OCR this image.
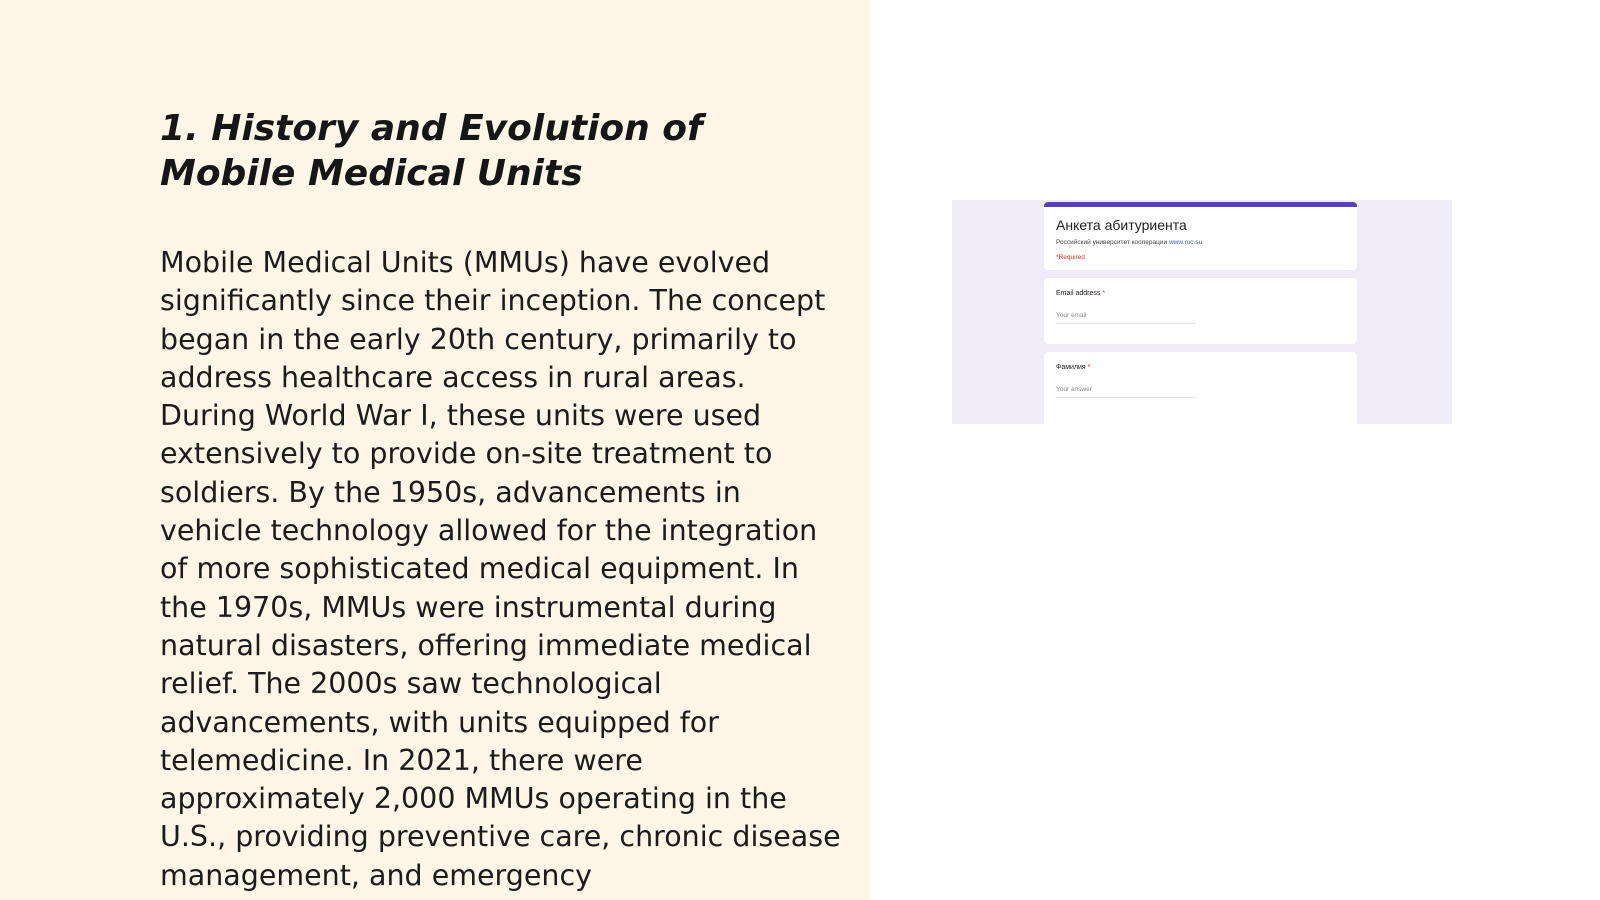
1. History and Evolution of Mobile Medical Units

Mobile Medical Units (MMUs) have evolved significantly since their inception. The concept began in the early 20th century, primarily to address healthcare access in rural areas. During World War I, these units were used extensively to provide on-site treatment to soldiers. By the 1950s, advancements in vehicle technology allowed for the integration of more sophisticated medical equipment. In the 1970s, MMUs were instrumental during natural disasters, offering immediate medical relief. The 2000s saw technological advancements, with units equipped for telemedicine. In 2021, there were approximately 2,000 MMUs operating in the U.S., providing preventive care, chronic disease management, and emergency

Анкета абитуриента
Российский университет кооперации www.ruc.su
*Required
Email address *
Your email
Фамилия *
Your answer
